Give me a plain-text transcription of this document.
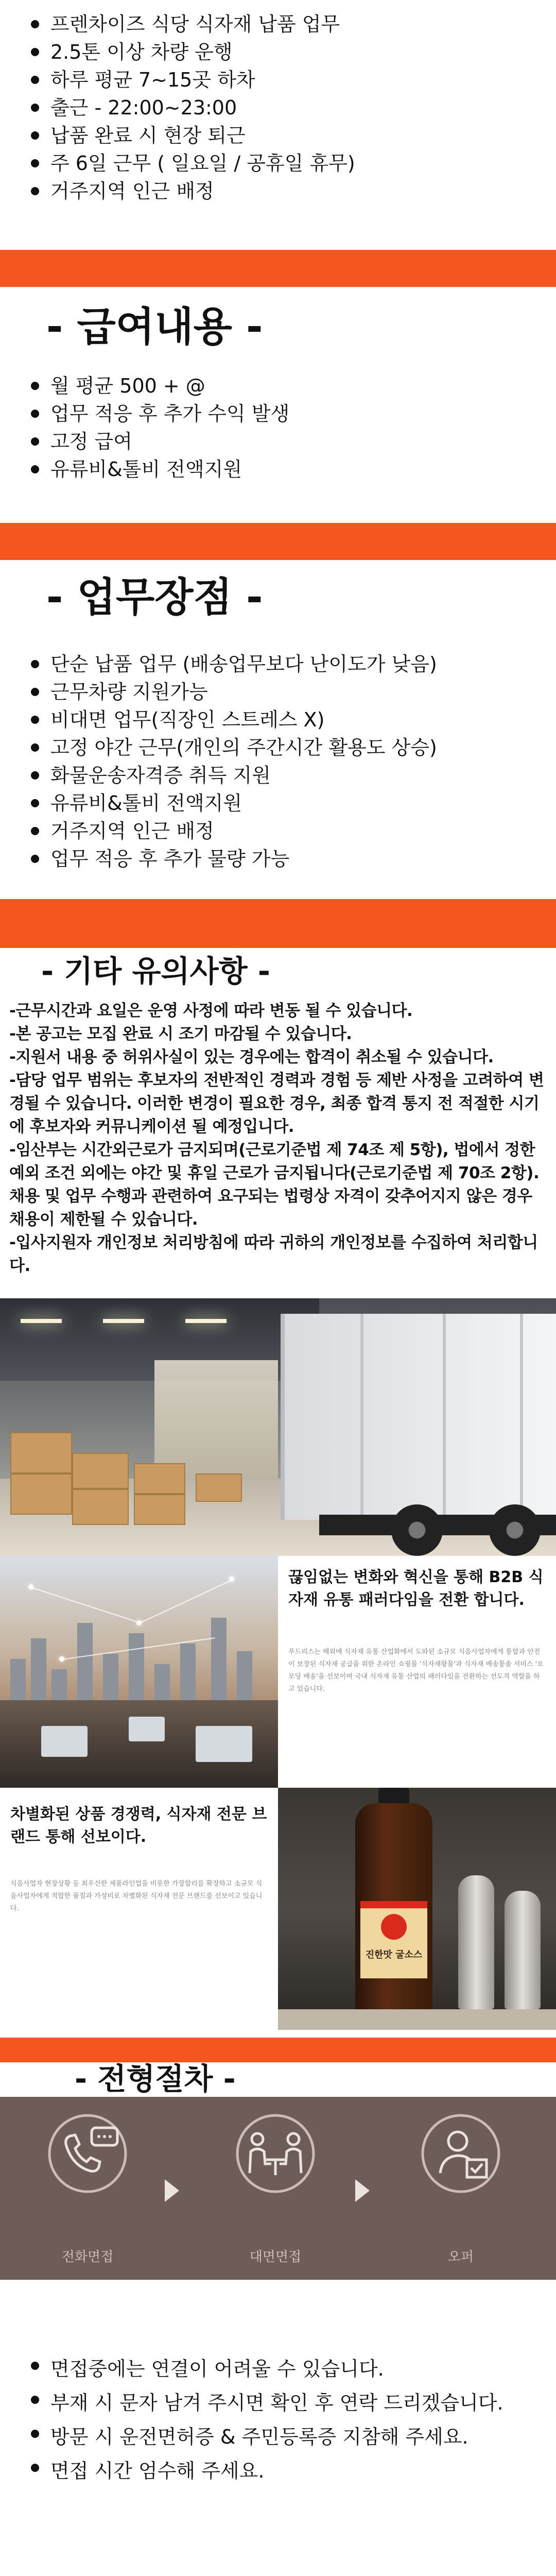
프렌차이즈 식당 식자재 납품 업무
2.5톤 이상 차량 운행
하루 평균 7~15곳 하차
출근 - 22:00~23:00
납품 완료 시 현장 퇴근
주 6일 근무 ( 일요일 / 공휴일 휴무)
거주지역 인근 배정
- 급여내용 -
월 평균 500 + @
업무 적응 후 추가 수익 발생
고정 급여
유류비&톨비 전액지원
- 업무장점 -
단순 납품 업무 (배송업무보다 난이도가 낮음)
근무차량 지원가능
비대면 업무(직장인 스트레스 X)
고정 야간 근무(개인의 주간시간 활용도 상승)
화물운송자격증 취득 지원
유류비&톨비 전액지원
거주지역 인근 배정
업무 적응 후 추가 물량 가능
- 기타 유의사항 -

-근무시간과 요일은 운영 사정에 따라 변동 될 수 있습니다.

-본 공고는 모집 완료 시 조기 마감될 수 있습니다.

-지원서 내용 중 허위사실이 있는 경우에는 합격이 취소될 수 있습니다.

-담당 업무 범위는 후보자의 전반적인 경력과 경험 등 제반 사정을 고려하여 변경될 수 있습니다. 이러한 변경이 필요한 경우, 최종 합격 통지 전 적절한 시기에 후보자와 커뮤니케이션 될 예정입니다.

-임산부는 시간외근로가 금지되며(근로기준법 제 74조 제 5항), 법에서 정한 예외 조건 외에는 야간 및 휴일 근로가 금지됩니다(근로기준법 제 70조 2항). 채용 및 업무 수행과 관련하여 요구되는 법령상 자격이 갖추어지지 않은 경우 채용이 제한될 수 있습니다.

-입사지원자 개인정보 처리방침에 따라 귀하의 개인정보를 수집하여 처리합니다.

끊임없는 변화와 혁신을 통해 B2B 식자재 유통 패러다임을 전환 합니다.
푸드리스는 해외에 식자재 유통 산업화에서 도와된 소규모 식음사업자에게 통합과 안전이 보장된 식자재 공급을 위한 온라인 쇼핑몰 '식자재왕몰'과 식자재 배송통솔 서비스 '오모딩 배송'을 선보이며 국내 식자재 유통 산업의 패러다임을 전환하는 선도적 역할을 하고 있습니다.
차별화된 상품 경쟁력, 식자재 전문 브랜드 통해 선보이다.
식음사업자 현장상황 등 최우선한 제품라인업을 비롯한 가장합리를 확장하고 소규모 식음사업자에게 적합한 품질과 가성비로 차별화된 식자재 전문 브랜드를 선보이고 있습니다.
진한맛 굴소스
- 전형절차 -
전화면접	대면면접	오퍼
면접중에는 연결이 어려울 수 있습니다.
부재 시 문자 남겨 주시면 확인 후 연락 드리겠습니다.
방문 시 운전면허증 & 주민등록증 지참해 주세요.
면접 시간 엄수해 주세요.
